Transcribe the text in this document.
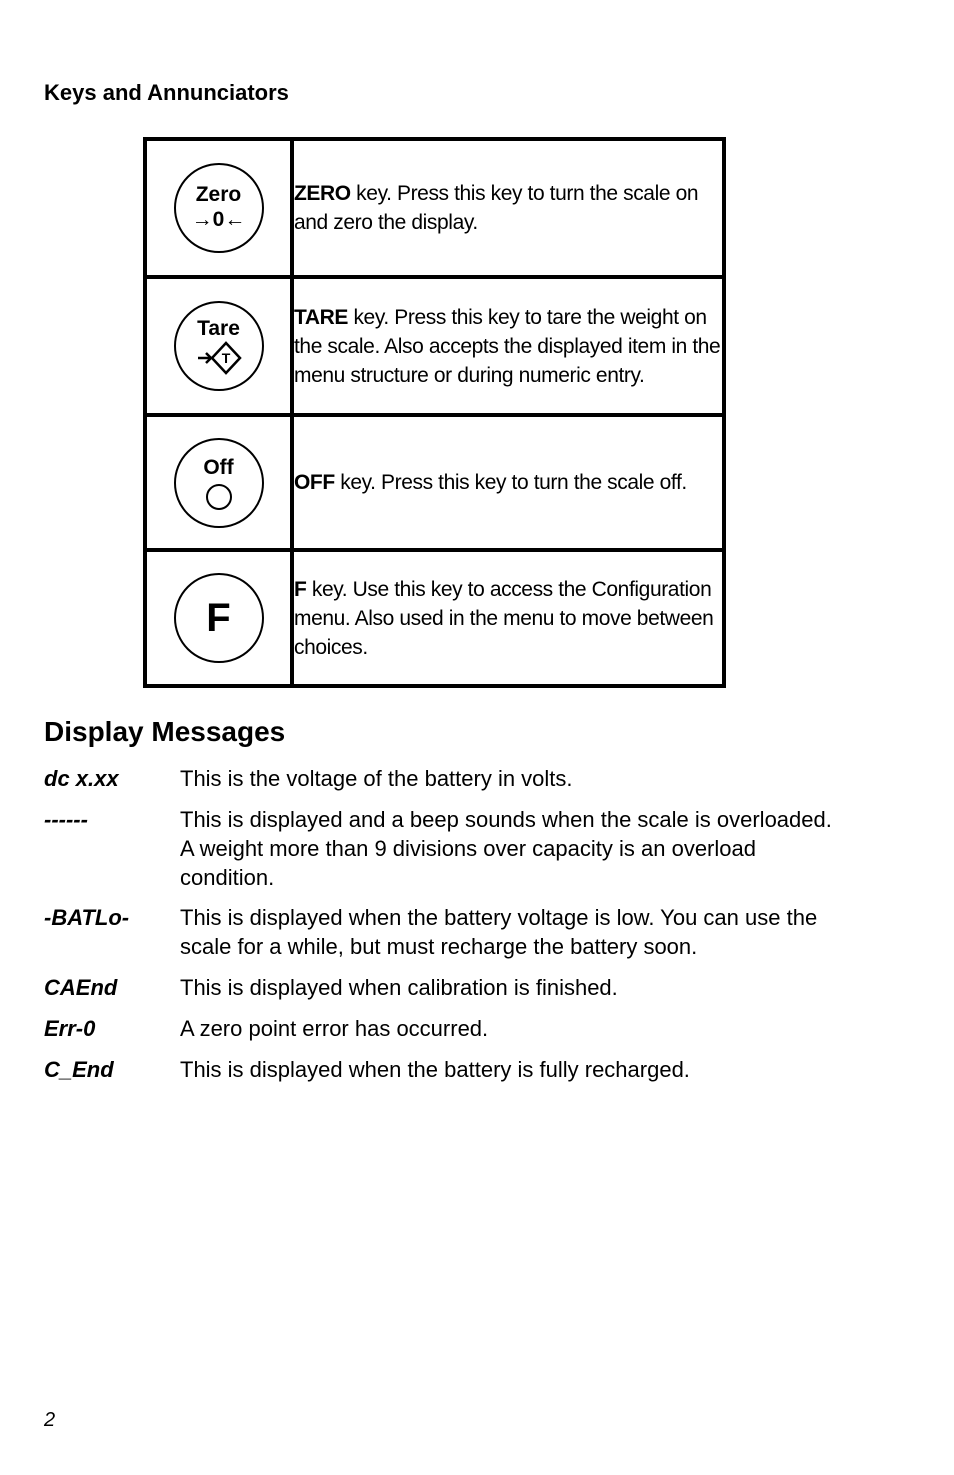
Keys and Annunciators
Zero
→0←	ZERO key. Press this key to turn the scale on and zero the display.

Tare
T	TARE key. Press this key to tare the weight on the scale. Also accepts the displayed item in the menu structure or during numeric entry.

Off	OFF key. Press this key to turn the scale off.

F	F key. Use this key to access the Configuration menu. Also used in the menu to move between choices.
Display Messages
dc x.xx	This is the voltage of the battery in volts.
------	This is displayed and a beep sounds when the scale is overloaded. A weight more than 9 divisions over capacity is an overload condition.
-BATLo- This is displayed when the battery voltage is low. You can use the scale for a while, but must recharge the battery soon.
CAEnd	This is displayed when calibration is finished.
Err-0	A zero point error has occurred.
C_End	This is displayed when the battery is fully recharged.
2
